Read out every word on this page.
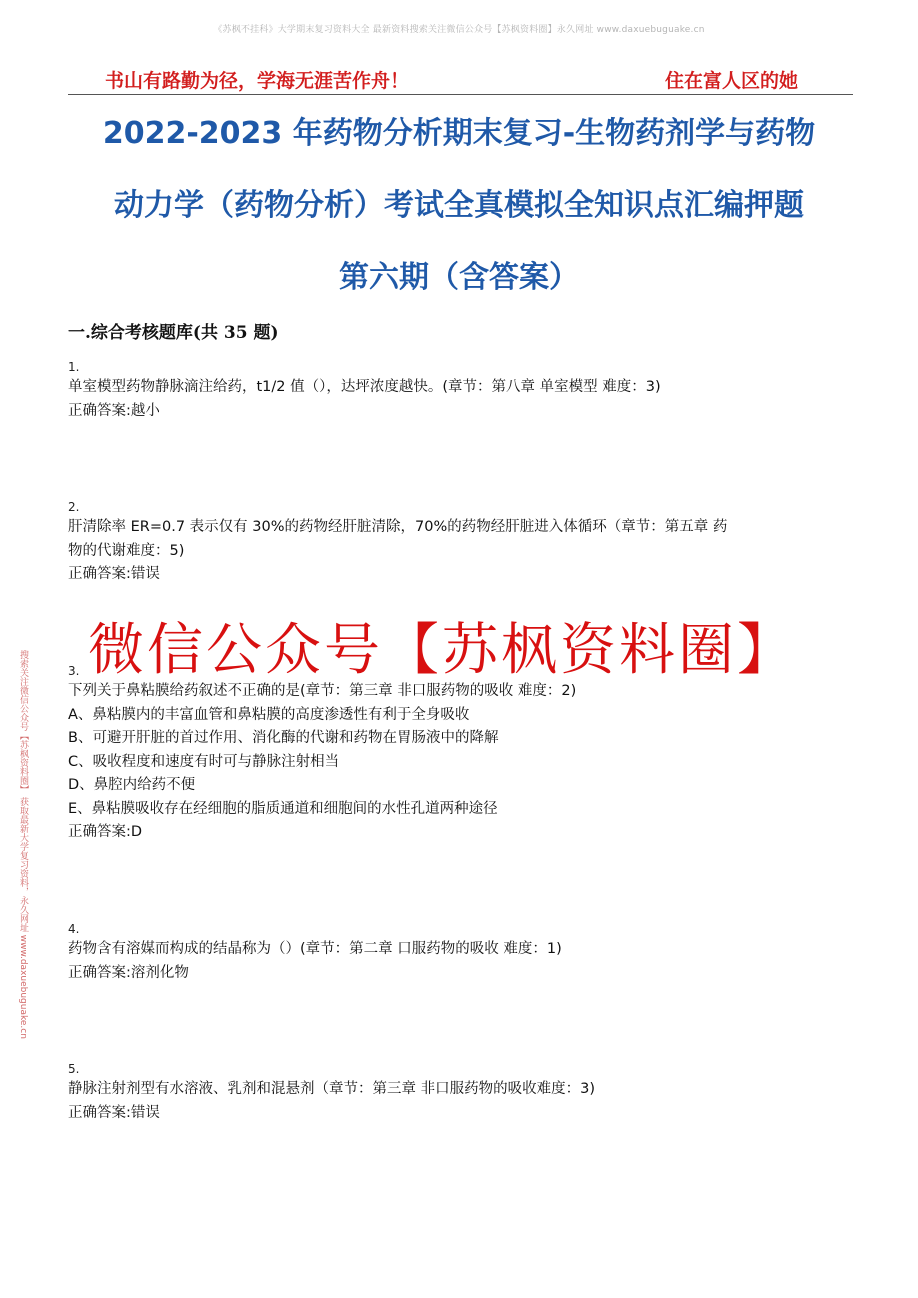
《苏枫不挂科》大学期末复习资料大全 最新资料搜索关注微信公众号【苏枫资料圈】永久网址 www.daxuebuguake.cn
书山有路勤为径，学海无涯苦作舟！	住在富人区的她
2022-2023 年药物分析期末复习-生物药剂学与药物
动力学（药物分析）考试全真模拟全知识点汇编押题
第六期（含答案）
一.综合考核题库(共 35 题)
1.
单室模型药物静脉滴注给药，t1/2 值（），达坪浓度越快。(章节：第八章 单室模型 难度：3)
正确答案:越小
2.
肝清除率 ER=0.7 表示仅有 30%的药物经肝脏清除，70%的药物经肝脏进入体循环（章节：第五章 药
物的代谢难度：5)
正确答案:错误
微信公众号【苏枫资料圈】
3.
下列关于鼻粘膜给药叙述不正确的是(章节：第三章 非口服药物的吸收 难度：2)
A、鼻粘膜内的丰富血管和鼻粘膜的高度渗透性有利于全身吸收
B、可避开肝脏的首过作用、消化酶的代谢和药物在胃肠液中的降解
C、吸收程度和速度有时可与静脉注射相当
D、鼻腔内给药不便
E、鼻粘膜吸收存在经细胞的脂质通道和细胞间的水性孔道两种途径
正确答案:D
4.
药物含有溶媒而构成的结晶称为（）(章节：第二章 口服药物的吸收 难度：1)
正确答案:溶剂化物
5.
静脉注射剂型有水溶液、乳剂和混悬剂（章节：第三章 非口服药物的吸收难度：3)
正确答案:错误
搜索关注微信公众号【苏枫资料圈】 获取最新大学复习资料，永久网址 www.daxuebuguake.cn
